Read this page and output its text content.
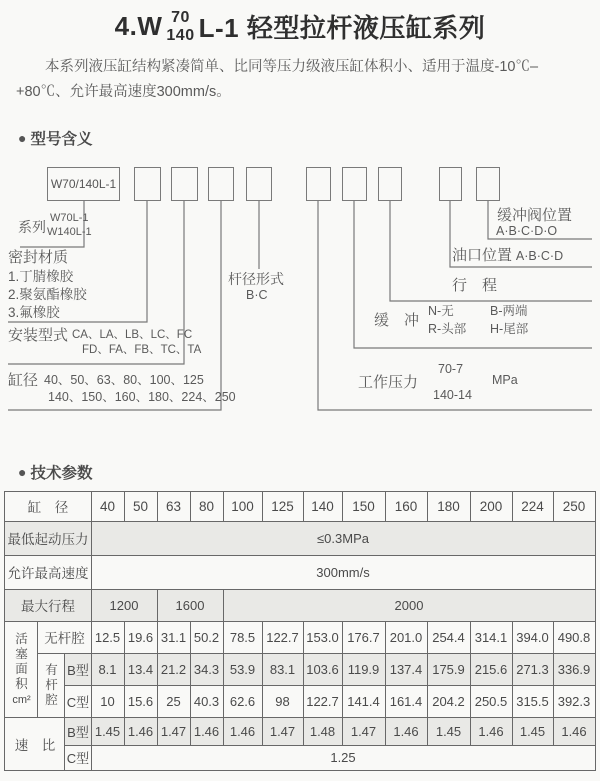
4.W 70
140 L-1 轻型拉杆液压缸系列

本系列液压缸结构紧凑简单、比同等压力级液压缸体积小、适用于温度-10℃–+80℃、允许最高速度300mm/s。

● 型号含义
W70/140L-1
系列
W70L-1
W140L-1
密封材质
1.丁腈橡胶
2.聚氨酯橡胶
3.氟橡胶
安装型式 CA、LA、LB、LC、FC
FD、FA、FB、TC、TA
缸径 40、50、63、80、100、125
140、150、160、180、224、250
杆径形式
B·C
工作压力
70-7
140-14
MPa
缓　冲
N-无	B-两端
R-头部 H-尾部
行　程
油口位置 A·B·C·D
缓冲阀位置
A·B·C·D·O
● 技术参数
缸　径			40	50	63	80	100	125	140	150	160	180	200	224	250
最低起动压力			≤0.3MPa												
允许最高速度			300mm/s												
最大行程			1200		1600		2000								

活塞面积
cm²	无杆腔		12.5	19.6	31.1	50.2	78.5	122.7	153.0	176.7	201.0	254.4	314.1	394.0	490.8

	有杆腔	B型	8.1	13.4	21.2	34.3	53.9	83.1	103.6	119.9	137.4	175.9	215.6	271.3	336.9
		C型	10	15.6	25	40.3	62.6	98	122.7	141.4	161.4	204.2	250.5	315.5	392.3
速　比		B型	1.45	1.46	1.47	1.46	1.46	1.47	1.48	1.47	1.46	1.45	1.46	1.45	1.46
		C型	1.25												
